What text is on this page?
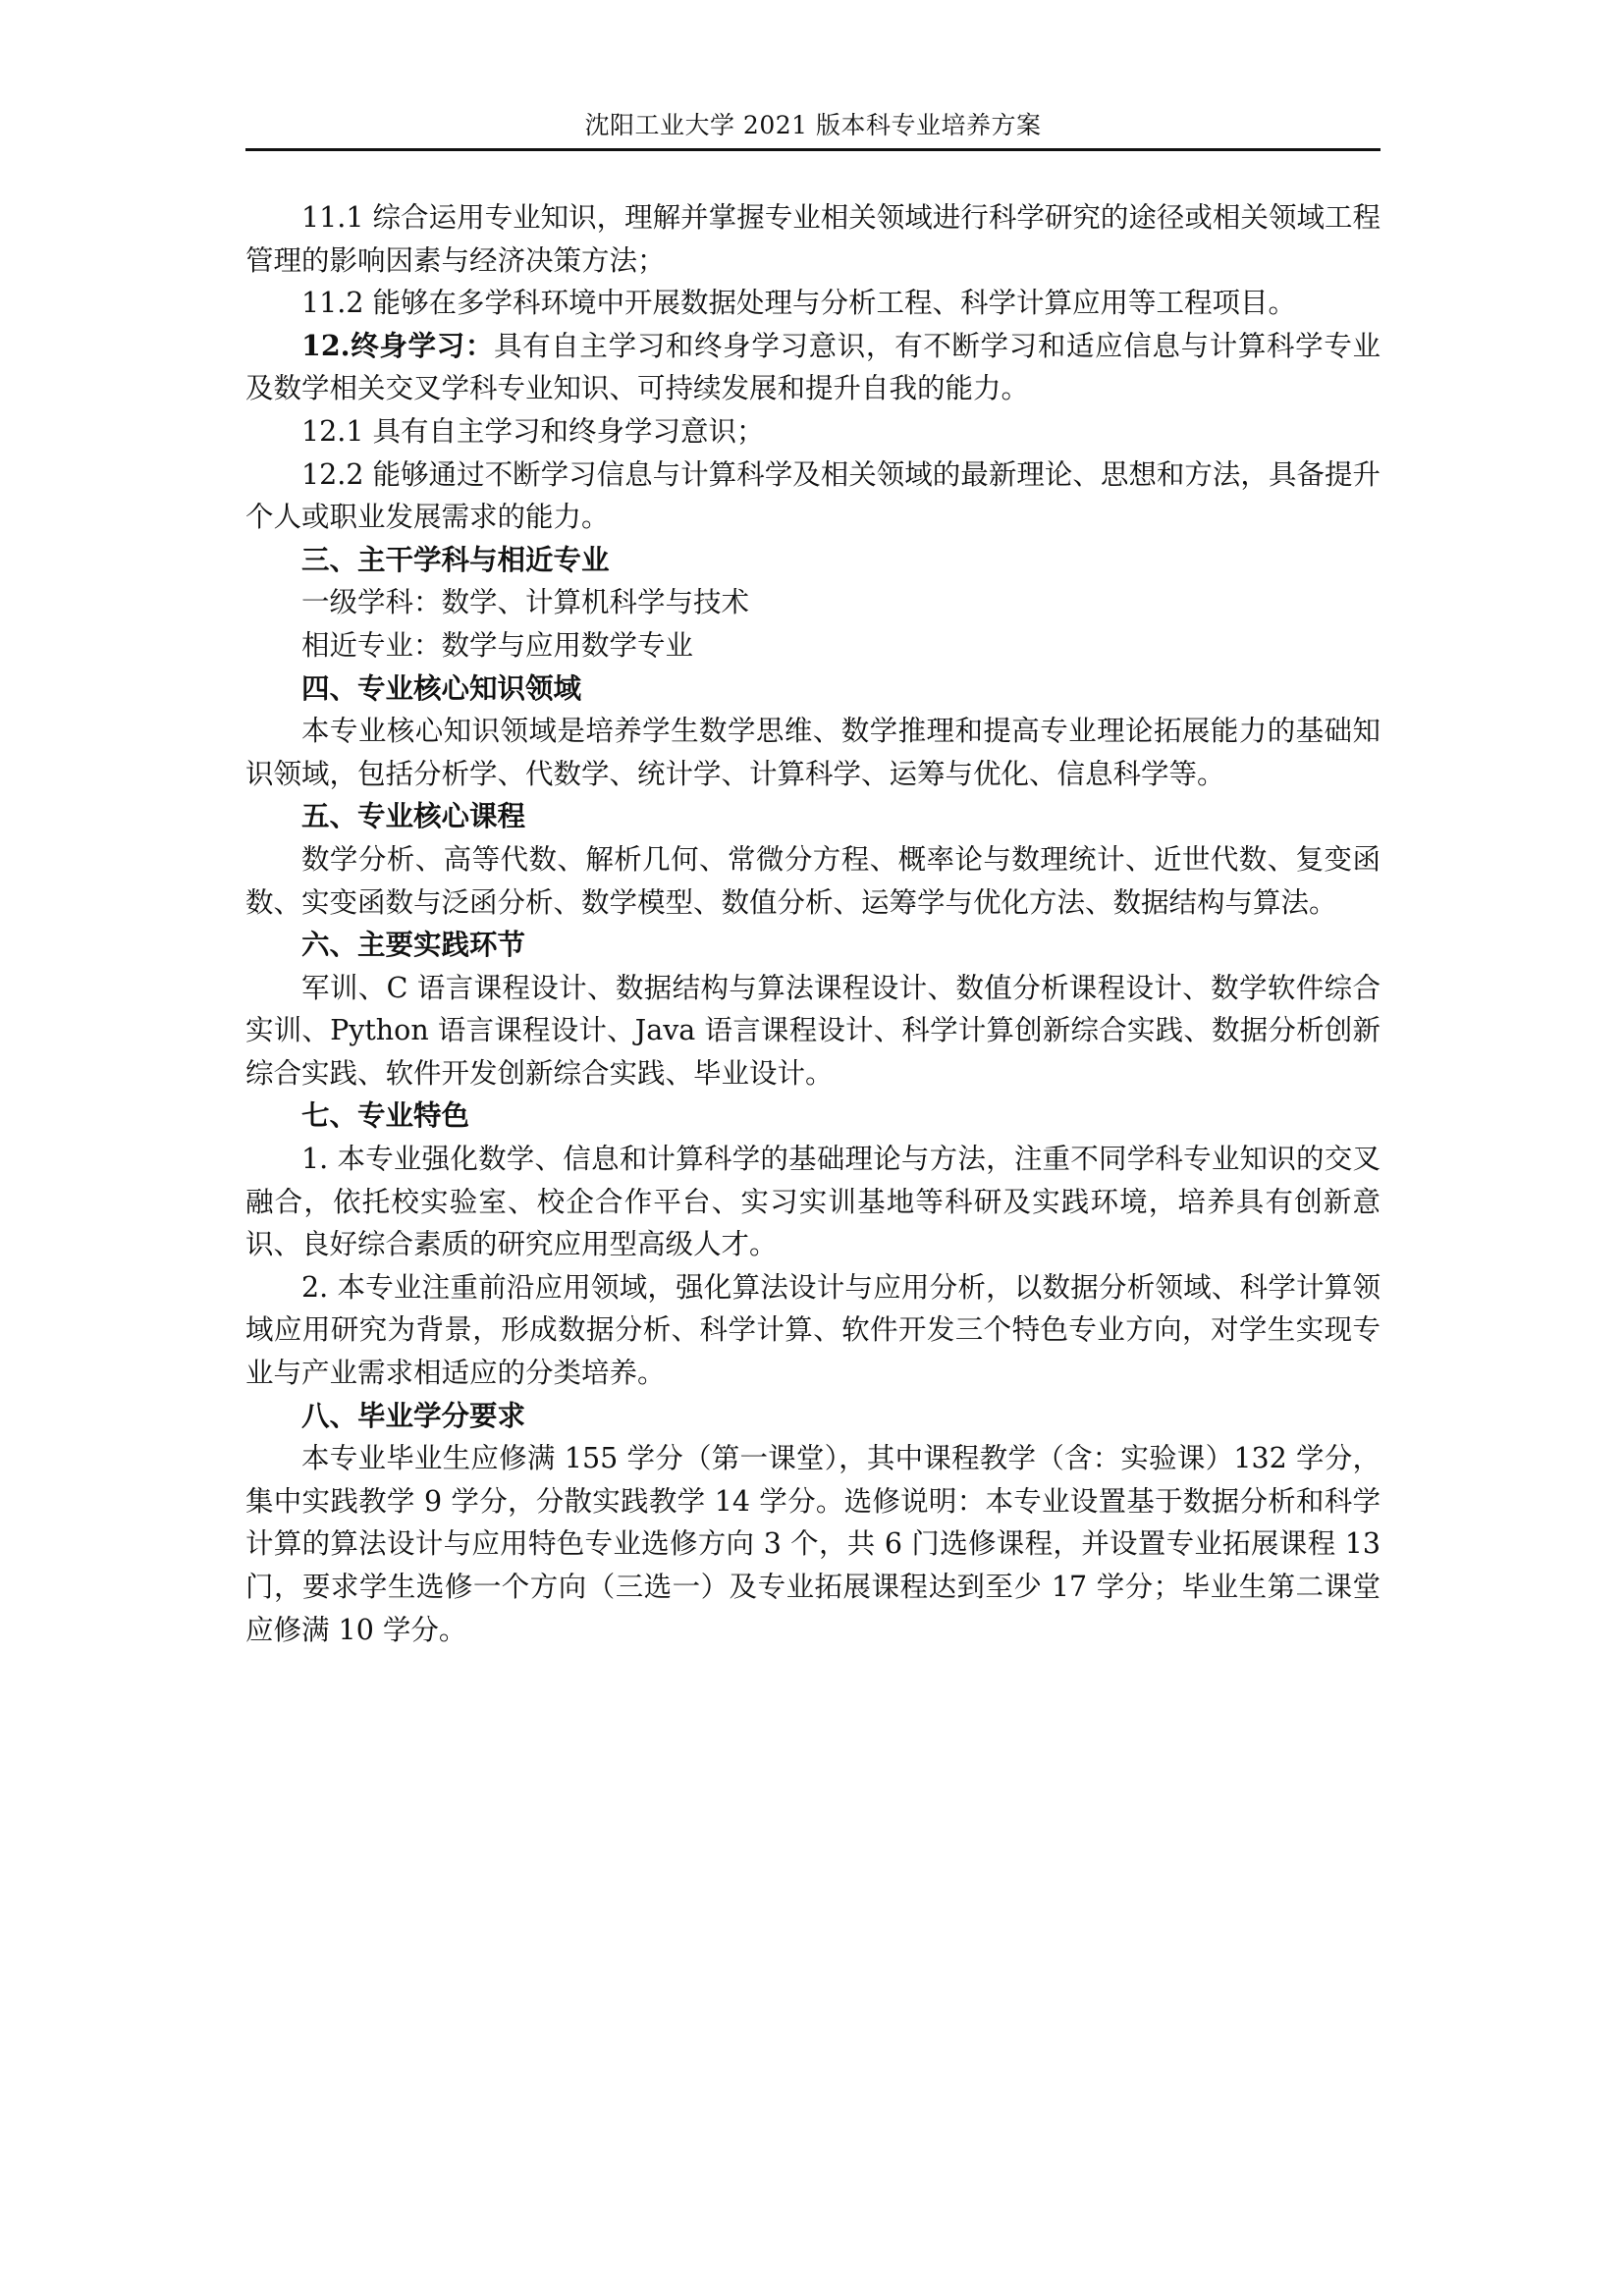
沈阳工业大学 2021 版本科专业培养方案

11.1 综合运用专业知识，理解并掌握专业相关领域进行科学研究的途径或相关领域工程管理的影响因素与经济决策方法；

11.2 能够在多学科环境中开展数据处理与分析工程、科学计算应用等工程项目。

12.终身学习：具有自主学习和终身学习意识，有不断学习和适应信息与计算科学专业及数学相关交叉学科专业知识、可持续发展和提升自我的能力。

12.1 具有自主学习和终身学习意识；

12.2 能够通过不断学习信息与计算科学及相关领域的最新理论、思想和方法，具备提升个人或职业发展需求的能力。

三、主干学科与相近专业

一级学科：数学、计算机科学与技术

相近专业：数学与应用数学专业

四、专业核心知识领域

本专业核心知识领域是培养学生数学思维、数学推理和提高专业理论拓展能力的基础知识领域，包括分析学、代数学、统计学、计算科学、运筹与优化、信息科学等。

五、专业核心课程

数学分析、高等代数、解析几何、常微分方程、概率论与数理统计、近世代数、复变函数、实变函数与泛函分析、数学模型、数值分析、运筹学与优化方法、数据结构与算法。

六、主要实践环节

军训、C 语言课程设计、数据结构与算法课程设计、数值分析课程设计、数学软件综合实训、Python 语言课程设计、Java 语言课程设计、科学计算创新综合实践、数据分析创新综合实践、软件开发创新综合实践、毕业设计。

七、专业特色

1. 本专业强化数学、信息和计算科学的基础理论与方法，注重不同学科专业知识的交叉融合，依托校实验室、校企合作平台、实习实训基地等科研及实践环境，培养具有创新意识、良好综合素质的研究应用型高级人才。

2. 本专业注重前沿应用领域，强化算法设计与应用分析，以数据分析领域、科学计算领域应用研究为背景，形成数据分析、科学计算、软件开发三个特色专业方向，对学生实现专业与产业需求相适应的分类培养。

八、毕业学分要求

本专业毕业生应修满 155 学分（第一课堂），其中课程教学（含：实验课）132 学分，集中实践教学 9 学分，分散实践教学 14 学分。选修说明：本专业设置基于数据分析和科学计算的算法设计与应用特色专业选修方向 3 个，共 6 门选修课程，并设置专业拓展课程 13 门，要求学生选修一个方向（三选一）及专业拓展课程达到至少 17 学分；毕业生第二课堂应修满 10 学分。
